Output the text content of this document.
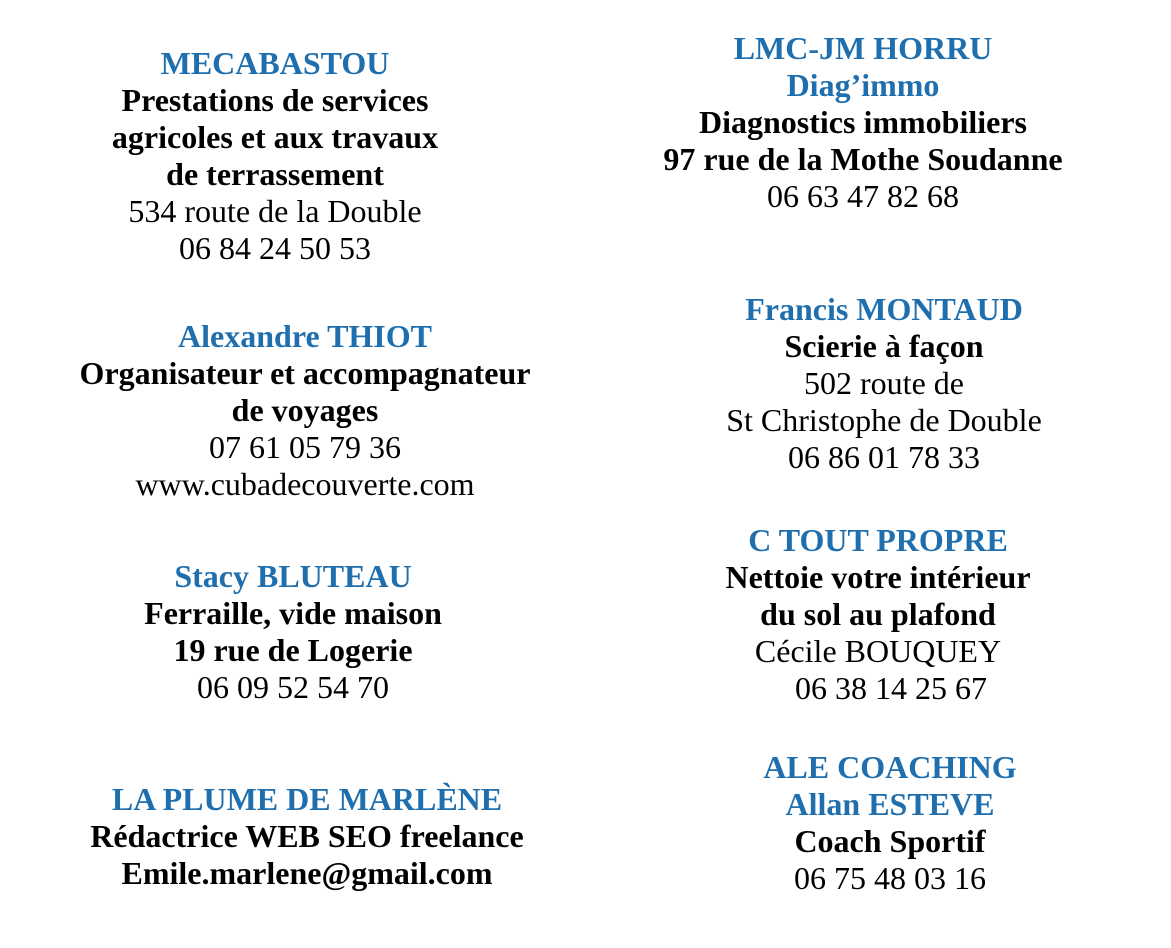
MECABASTOU
Prestations de services
agricoles et aux travaux
de terrassement
534 route de la Double
06 84 24 50 53
Alexandre THIOT
Organisateur et accompagnateur
de voyages
07 61 05 79 36
www.cubadecouverte.com
Stacy BLUTEAU
Ferraille, vide maison
19 rue de Logerie
06 09 52 54 70
LA PLUME DE MARLÈNE
Rédactrice WEB SEO freelance
Emile.marlene@gmail.com
LMC-JM HORRU
Diag’immo
Diagnostics immobiliers
97 rue de la Mothe Soudanne
06 63 47 82 68
Francis MONTAUD
Scierie à façon
502 route de
St Christophe de Double
06 86 01 78 33
C TOUT PROPRE
Nettoie votre intérieur
du sol au plafond
Cécile BOUQUEY
06 38 14 25 67
ALE COACHING
Allan ESTEVE
Coach Sportif
06 75 48 03 16
